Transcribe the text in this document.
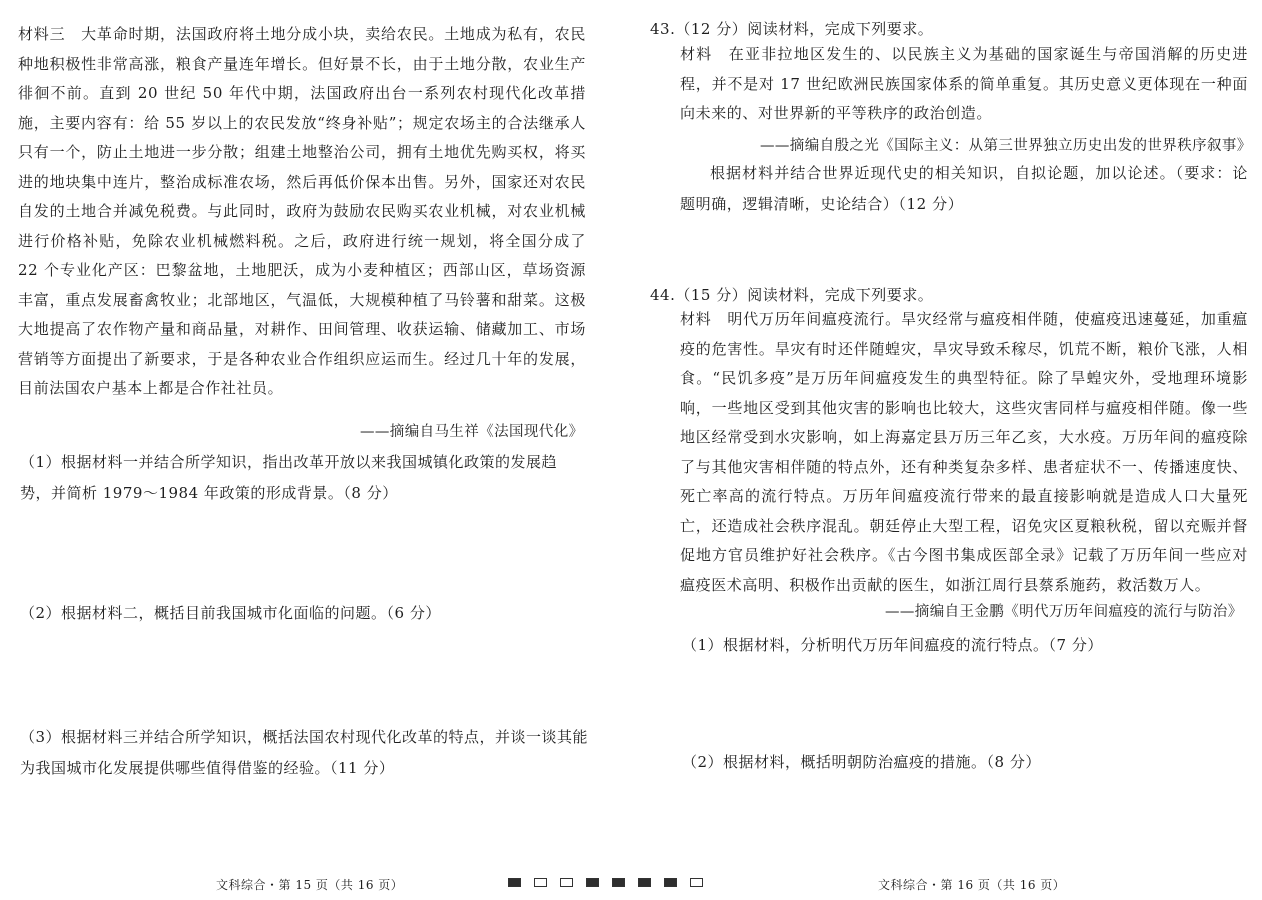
材料三　大革命时期，法国政府将土地分成小块，卖给农民。土地成为私有，农民种地积极性非常高涨，粮食产量连年增长。但好景不长，由于土地分散，农业生产徘徊不前。直到 20 世纪 50 年代中期，法国政府出台一系列农村现代化改革措施，主要内容有：给 55 岁以上的农民发放“终身补贴”；规定农场主的合法继承人只有一个，防止土地进一步分散；组建土地整治公司，拥有土地优先购买权，将买进的地块集中连片，整治成标准农场，然后再低价保本出售。另外，国家还对农民自发的土地合并减免税费。与此同时，政府为鼓励农民购买农业机械，对农业机械进行价格补贴，免除农业机械燃料税。之后，政府进行统一规划，将全国分成了 22 个专业化产区：巴黎盆地，土地肥沃，成为小麦种植区；西部山区，草场资源丰富，重点发展畜禽牧业；北部地区，气温低，大规模种植了马铃薯和甜菜。这极大地提高了农作物产量和商品量，对耕作、田间管理、收获运输、储藏加工、市场营销等方面提出了新要求，于是各种农业合作组织应运而生。经过几十年的发展，目前法国农户基本上都是合作社社员。

——摘编自马生祥《法国现代化》

（1）根据材料一并结合所学知识，指出改革开放以来我国城镇化政策的发展趋势，并简析 1979～1984 年政策的形成背景。（8 分）

（2）根据材料二，概括目前我国城市化面临的问题。（6 分）

（3）根据材料三并结合所学知识，概括法国农村现代化改革的特点，并谈一谈其能为我国城市化发展提供哪些值得借鉴的经验。（11 分）

文科综合・第 15 页（共 16 页）
43.（12 分）阅读材料，完成下列要求。

材料　在亚非拉地区发生的、以民族主义为基础的国家诞生与帝国消解的历史进程，并不是对 17 世纪欧洲民族国家体系的简单重复。其历史意义更体现在一种面向未来的、对世界新的平等秩序的政治创造。

——摘编自殷之光《国际主义：从第三世界独立历史出发的世界秩序叙事》

根据材料并结合世界近现代史的相关知识，自拟论题，加以论述。（要求：论题明确，逻辑清晰，史论结合）（12 分）

44.（15 分）阅读材料，完成下列要求。

材料　明代万历年间瘟疫流行。旱灾经常与瘟疫相伴随，使瘟疫迅速蔓延，加重瘟疫的危害性。旱灾有时还伴随蝗灾，旱灾导致禾稼尽，饥荒不断，粮价飞涨，人相食。“民饥多疫”是万历年间瘟疫发生的典型特征。除了旱蝗灾外，受地理环境影响，一些地区受到其他灾害的影响也比较大，这些灾害同样与瘟疫相伴随。像一些地区经常受到水灾影响，如上海嘉定县万历三年乙亥，大水疫。万历年间的瘟疫除了与其他灾害相伴随的特点外，还有种类复杂多样、患者症状不一、传播速度快、死亡率高的流行特点。万历年间瘟疫流行带来的最直接影响就是造成人口大量死亡，还造成社会秩序混乱。朝廷停止大型工程，诏免灾区夏粮秋税，留以充赈并督促地方官员维护好社会秩序。《古今图书集成医部全录》记载了万历年间一些应对瘟疫医术高明、积极作出贡献的医生，如浙江周行县蔡系施药，救活数万人。

——摘编自王金鹏《明代万历年间瘟疫的流行与防治》

（1）根据材料，分析明代万历年间瘟疫的流行特点。（7 分）

（2）根据材料，概括明朝防治瘟疫的措施。（8 分）

文科综合・第 16 页（共 16 页）
